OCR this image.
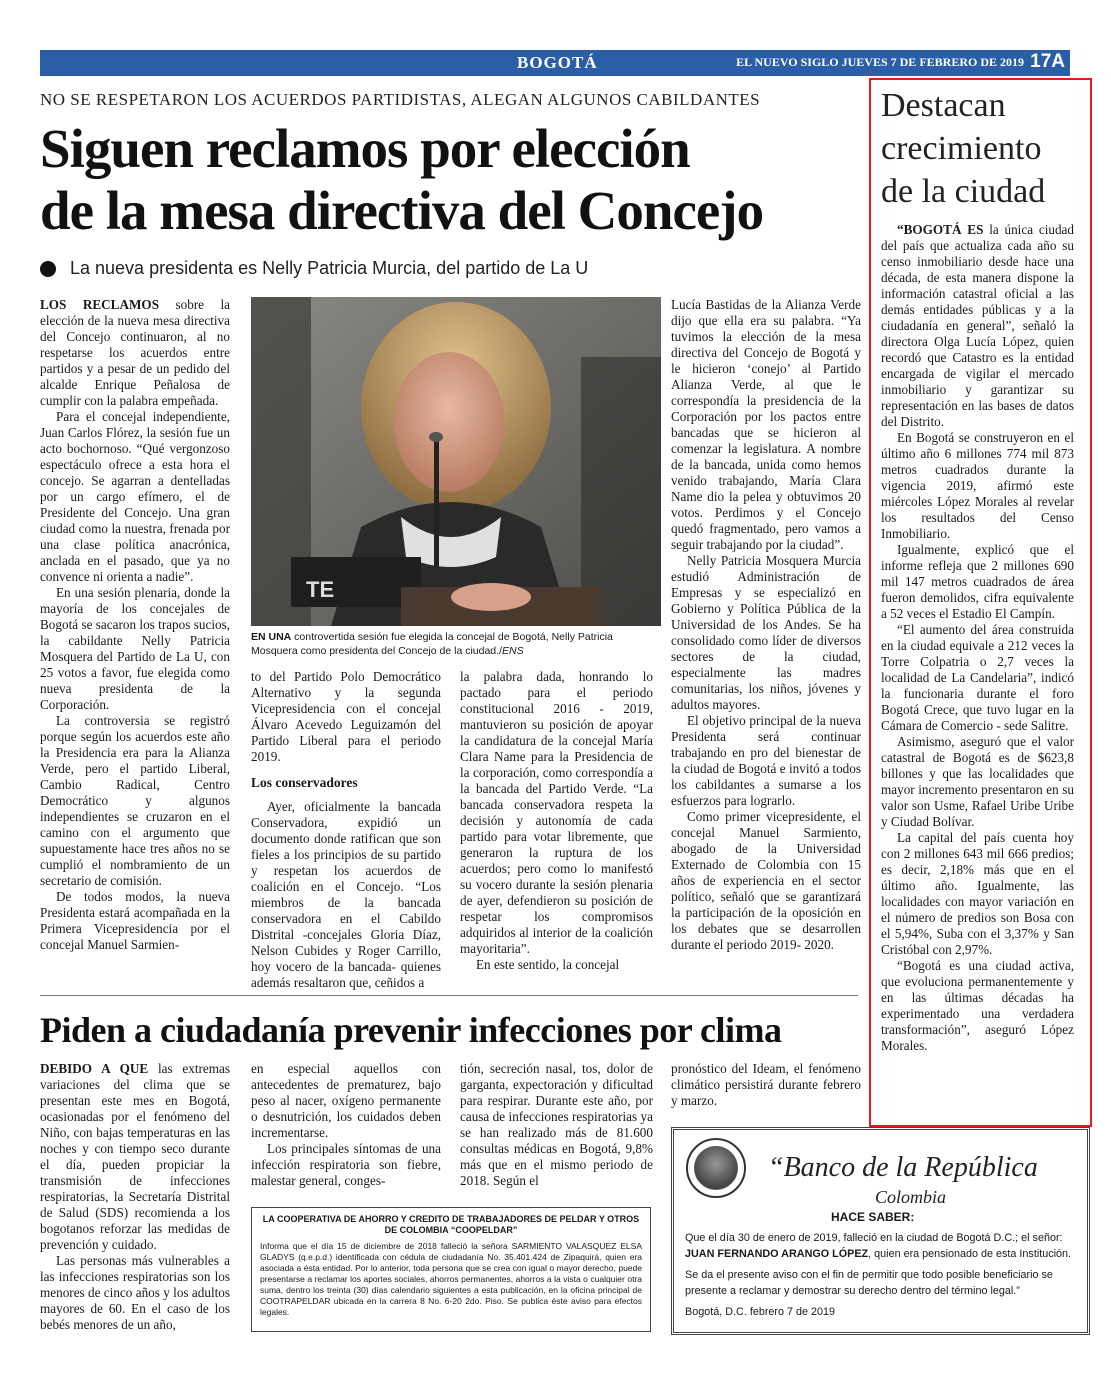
BOGOTÁ	EL NUEVO SIGLO JUEVES 7 DE FEBRERO DE 2019 17A
NO SE RESPETARON LOS ACUERDOS PARTIDISTAS, ALEGAN ALGUNOS CABILDANTES
Siguen reclamos por elección
de la mesa directiva del Concejo
La nueva presidenta es Nelly Patricia Murcia, del partido de La U

LOS RECLAMOS sobre la elección de la nueva mesa directiva del Concejo continuaron, al no respetarse los acuerdos entre partidos y a pesar de un pedido del alcalde Enrique Peñalosa de cumplir con la palabra empeñada.

Para el concejal independiente, Juan Carlos Flórez, la sesión fue un acto bochornoso. “Qué vergonzoso espectáculo ofrece a esta hora el concejo. Se agarran a dentelladas por un cargo efímero, el de Presidente del Concejo. Una gran ciudad como la nuestra, frenada por una clase política anacrónica, anclada en el pasado, que ya no convence ni orienta a nadie”.

En una sesión plenaria, donde la mayoría de los concejales de Bogotá se sacaron los trapos sucios, la cabildante Nelly Patricia Mosquera del Partido de La U, con 25 votos a favor, fue elegida como nueva presidenta de la Corporación.

La controversia se registró porque según los acuerdos este año la Presidencia era para la Alianza Verde, pero el partido Liberal, Cambio Radical, Centro Democrático y algunos independientes se cruzaron en el camino con el argumento que supuestamente hace tres años no se cumplió el nombramiento de un secretario de comisión.

De todos modos, la nueva Presidenta estará acompañada en la Primera Vicepresidencia por el concejal Manuel Sarmien-

TE
EN UNA controvertida sesión fue elegida la concejal de Bogotá, Nelly Patricia Mosquera como presidenta del Concejo de la ciudad./ENS

to del Partido Polo Democrático Alternativo y la segunda Vicepresidencia con el concejal Álvaro Acevedo Leguizamón del Partido Liberal para el periodo 2019.

Los conservadores

Ayer, oficialmente la bancada Conservadora, expidió un documento donde ratifican que son fieles a los principios de su partido y respetan los acuerdos de coalición en el Concejo. “Los miembros de la bancada conservadora en el Cabildo Distrital -concejales Gloria Díaz, Nelson Cubides y Roger Carrillo, hoy vocero de la bancada- quienes además resaltaron que, ceñidos a

la palabra dada, honrando lo pactado para el periodo constitucional 2016 - 2019, mantuvieron su posición de apoyar la candidatura de la concejal María Clara Name para la Presidencia de la corporación, como correspondía a la bancada del Partido Verde. “La bancada conservadora respeta la decisión y autonomía de cada partido para votar libremente, que generaron la ruptura de los acuerdos; pero como lo manifestó su vocero durante la sesión plenaria de ayer, defendieron su posición de respetar los compromisos adquiridos al interior de la coalición mayoritaria”.

En este sentido, la concejal

Lucía Bastidas de la Alianza Verde dijo que ella era su palabra. “Ya tuvimos la elección de la mesa directiva del Concejo de Bogotá y le hicieron ‘conejo’ al Partido Alianza Verde, al que le correspondía la presidencia de la Corporación por los pactos entre bancadas que se hicieron al comenzar la legislatura. A nombre de la bancada, unida como hemos venido trabajando, María Clara Name dio la pelea y obtuvimos 20 votos. Perdimos y el Concejo quedó fragmentado, pero vamos a seguir trabajando por la ciudad”.

Nelly Patricia Mosquera Murcia estudió Administración de Empresas y se especializó en Gobierno y Política Pública de la Universidad de los Andes. Se ha consolidado como líder de diversos sectores de la ciudad, especialmente las madres comunitarias, los niños, jóvenes y adultos mayores.

El objetivo principal de la nueva Presidenta será continuar trabajando en pro del bienestar de la ciudad de Bogotá e invitó a todos los cabildantes a sumarse a los esfuerzos para lograrlo.

Como primer vicepresidente, el concejal Manuel Sarmiento, abogado de la Universidad Externado de Colombia con 15 años de experiencia en el sector político, señaló que se garantizará la participación de la oposición en los debates que se desarrollen durante el periodo 2019- 2020.

Destacan crecimiento de la ciudad

“BOGOTÁ ES la única ciudad del país que actualiza cada año su censo inmobiliario desde hace una década, de esta manera dispone la información catastral oficial a las demás entidades públicas y a la ciudadanía en general”, señaló la directora Olga Lucía López, quien recordó que Catastro es la entidad encargada de vigilar el mercado inmobiliario y garantizar su representación en las bases de datos del Distrito.

En Bogotá se construyeron en el último año 6 millones 774 mil 873 metros cuadrados durante la vigencia 2019, afirmó este miércoles López Morales al revelar los resultados del Censo Inmobiliario.

Igualmente, explicó que el informe refleja que 2 millones 690 mil 147 metros cuadrados de área fueron demolidos, cifra equivalente a 52 veces el Estadio El Campín.

“El aumento del área construida en la ciudad equivale a 212 veces la Torre Colpatria o 2,7 veces la localidad de La Candelaria”, indicó la funcionaria durante el foro Bogotá Crece, que tuvo lugar en la Cámara de Comercio - sede Salitre.

Asimismo, aseguró que el valor catastral de Bogotá es de $623,8 billones y que las localidades que mayor incremento presentaron en su valor son Usme, Rafael Uribe Uribe y Ciudad Bolívar.

La capital del país cuenta hoy con 2 millones 643 mil 666 predios; es decir, 2,18% más que en el último año. Igualmente, las localidades con mayor variación en el número de predios son Bosa con el 5,94%, Suba con el 3,37% y San Cristóbal con 2,97%.

“Bogotá es una ciudad activa, que evoluciona permanentemente y en las últimas décadas ha experimentado una verdadera transformación”, aseguró López Morales.

Piden a ciudadanía prevenir infecciones por clima

DEBIDO A QUE las extremas variaciones del clima que se presentan este mes en Bogotá, ocasionadas por el fenómeno del Niño, con bajas temperaturas en las noches y con tiempo seco durante el día, pueden propiciar la transmisión de infecciones respiratorias, la Secretaría Distrital de Salud (SDS) recomienda a los bogotanos reforzar las medidas de prevención y cuidado.

Las personas más vulnerables a las infecciones respiratorias son los menores de cinco años y los adultos mayores de 60. En el caso de los bebés menores de un año,

en especial aquellos con antecedentes de prematurez, bajo peso al nacer, oxígeno permanente o desnutrición, los cuidados deben incrementarse.

Los principales síntomas de una infección respiratoria son fiebre, malestar general, conges-

tión, secreción nasal, tos, dolor de garganta, expectoración y dificultad para respirar. Durante este año, por causa de infecciones respiratorias ya se han realizado más de 81.600 consultas médicas en Bogotá, 9,8% más que en el mismo periodo de 2018. Según el

pronóstico del Ideam, el fenómeno climático persistirá durante febrero y marzo.

LA COOPERATIVA DE AHORRO Y CREDITO DE TRABAJADORES DE PELDAR Y OTROS DE COLOMBIA “COOPELDAR”
Informa que el día 15 de diciembre de 2018 falleció la señora SARMIENTO VALASQUEZ ELSA GLADYS (q.e.p.d.) identificada con cédula de ciudadanía No. 35.401.424 de Zipaquirá, quien era asociada a ésta entidad. Por lo anterior, toda persona que se crea con igual o mayor derecho, puede presentarse a reclamar los aportes sociales, ahorros permanentes, ahorros a la vista o cualquier otra suma, dentro los treinta (30) días calendario siguientes a esta publicación, en la oficina principal de COOTRAPELDAR ubicada en la carrera 8 No. 6-20 2do. Piso. Se publica éste aviso para efectos legales.
“Banco de la República
Colombia
HACE SABER:

Que el día 30 de enero de 2019, falleció en la ciudad de Bogotá D.C.; el señor:
JUAN FERNANDO ARANGO LÓPEZ, quien era pensionado de esta Institución.

Se da el presente aviso con el fin de permitir que todo posible beneficiario se presente a reclamar y demostrar su derecho dentro del término legal.”

Bogotá, D.C. febrero 7 de 2019
